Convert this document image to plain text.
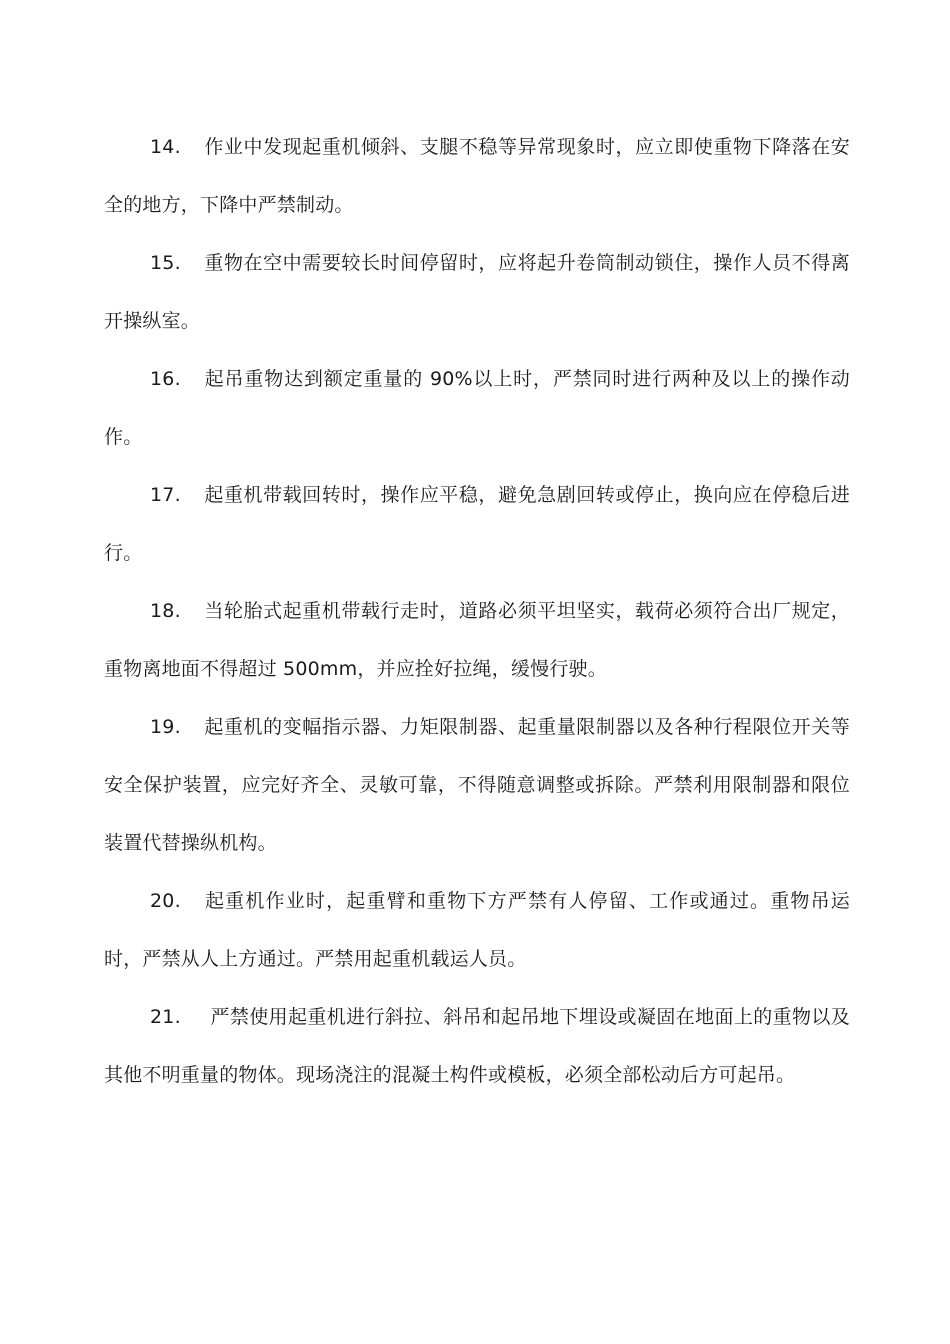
14. 作业中发现起重机倾斜、支腿不稳等异常现象时，应立即使重物下降落在安全的地方，下降中严禁制动。

15. 重物在空中需要较长时间停留时，应将起升卷筒制动锁住，操作人员不得离开操纵室。

16. 起吊重物达到额定重量的 90%以上时，严禁同时进行两种及以上的操作动作。

17. 起重机带载回转时，操作应平稳，避免急剧回转或停止，换向应在停稳后进行。

18. 当轮胎式起重机带载行走时，道路必须平坦坚实，载荷必须符合出厂规定，重物离地面不得超过 500mm，并应拴好拉绳，缓慢行驶。

19. 起重机的变幅指示器、力矩限制器、起重量限制器以及各种行程限位开关等安全保护装置，应完好齐全、灵敏可靠，不得随意调整或拆除。严禁利用限制器和限位装置代替操纵机构。

20. 起重机作业时，起重臂和重物下方严禁有人停留、工作或通过。重物吊运时，严禁从人上方通过。严禁用起重机载运人员。

21. 严禁使用起重机进行斜拉、斜吊和起吊地下埋设或凝固在地面上的重物以及其他不明重量的物体。现场浇注的混凝土构件或模板，必须全部松动后方可起吊。
